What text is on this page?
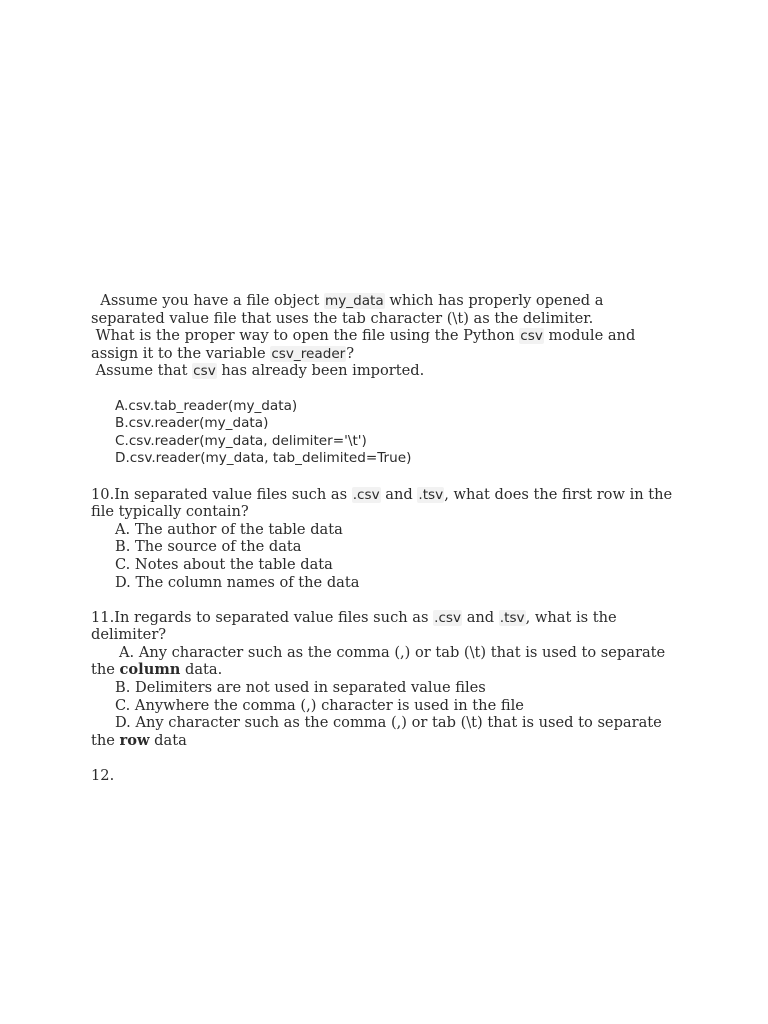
Assume you have a file object my_data which has properly opened a
separated value file that uses the tab character (\t) as the delimiter.
What is the proper way to open the file using the Python csv module and
assign it to the variable csv_reader?
Assume that csv has already been imported.
A.csv.tab_reader(my_data)
B.csv.reader(my_data)
C.csv.reader(my_data, delimiter='\t')
D.csv.reader(my_data, tab_delimited=True)
10.In separated value files such as .csv and .tsv, what does the first row in the
file typically contain?
A. The author of the table data
B. The source of the data
C. Notes about the table data
D. The column names of the data
11.In regards to separated value files such as .csv and .tsv, what is the
delimiter?
A. Any character such as the comma (,) or tab (\t) that is used to separate
the column data.
B. Delimiters are not used in separated value files
C. Anywhere the comma (,) character is used in the file
D. Any character such as the comma (,) or tab (\t) that is used to separate
the row data
12.
